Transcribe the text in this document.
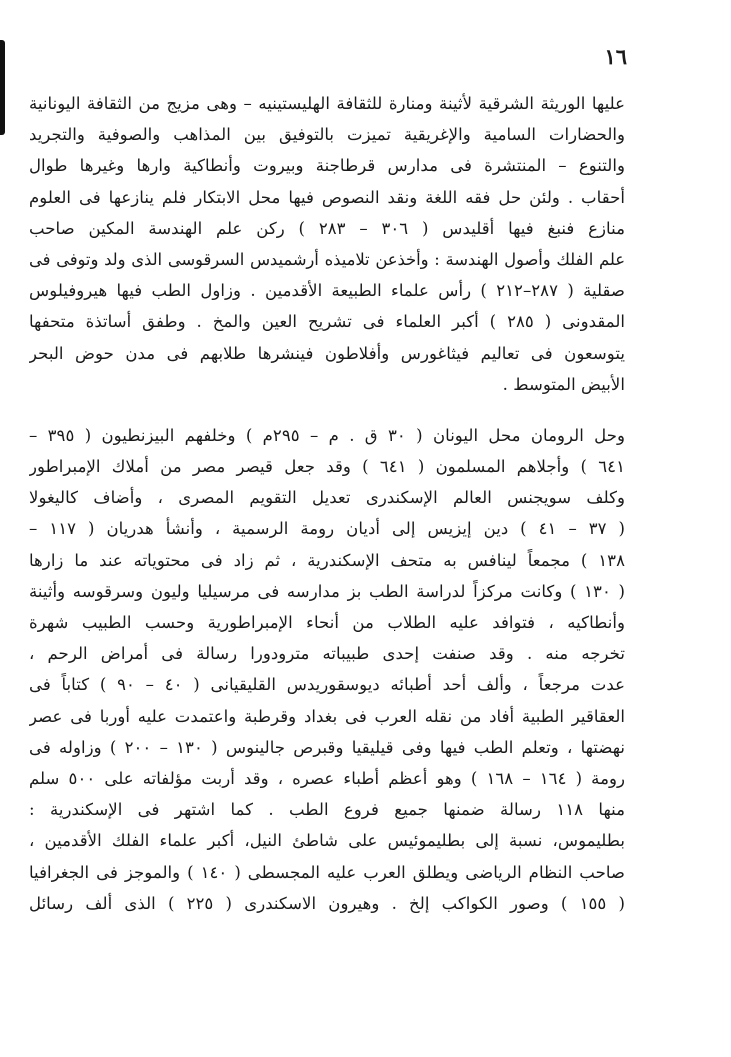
١٦
عليها الوريثة الشرقية لأثينة ومنارة للثقافة الهليستينيه – وهى مزيج من الثقافة اليونانية
والحضارات السامية والإغريقية تميزت بالتوفيق بين المذاهب والصوفية والتجريد
والتنوع – المنتشرة فى مدارس قرطاجنة وبيروت وأنطاكية وارها وغيرها طوال
أحقاب . ولئن حل فقه اللغة ونقد النصوص فيها محل الابتكار فلم ينازعها فى العلوم
منازع فنبغ فيها أقليدس ( ٣٠٦ – ٢٨٣ ) ركن علم الهندسة المكين صاحب
علم الفلك وأصول الهندسة : وأخذعن تلاميذه أرشميدس السرقوسى الذى ولد وتوفى فى
صقلية ( ٢٨٧–٢١٢ ) رأس علماء الطبيعة الأقدمين . وزاول الطب فيها هيروفيلوس
المقدونى ( ٢٨٥ ) أكبر العلماء فى تشريح العين والمخ . وطفق أساتذة متحفها
يتوسعون فى تعاليم فيثاغورس وأفلاطون فينشرها طلابهم فى مدن حوض البحر
الأبيض المتوسط .
وحل الرومان محل اليونان ( ٣٠ ق . م – ٢٩٥م ) وخلفهم البيزنطيون ( ٣٩٥ –
٦٤١ ) وأجلاهم المسلمون ( ٦٤١ ) وقد جعل قيصر مصر من أملاك الإمبراطور
وكلف سويجنس العالم الإسكندرى تعديل التقويم المصرى ، وأضاف كاليغولا
( ٣٧ – ٤١ ) دين إيزيس إلى أديان رومة الرسمية ، وأنشأ هدريان ( ١١٧ –
١٣٨ ) مجمعاً لينافس به متحف الإسكندرية ، ثم زاد فى محتوياته عند ما زارها
( ١٣٠ ) وكانت مركزاً لدراسة الطب بز مدارسه فى مرسيليا وليون وسرقوسه وأثينة
وأنطاكيه ، فتوافد عليه الطلاب من أنحاء الإمبراطورية وحسب الطبيب شهرة
تخرجه منه . وقد صنفت إحدى طبيباته مترودورا رسالة فى أمراض الرحم ،
عدت مرجعاً ، وألف أحد أطبائه ديوسقوريدس القليقيانى ( ٤٠ – ٩٠ ) كتاباً فى
العقاقير الطبية أفاد من نقله العرب فى بغداد وقرطبة واعتمدت عليه أوربا فى عصر
نهضتها ، وتعلم الطب فيها وفى قيليقيا وقبرص جالينوس ( ١٣٠ – ٢٠٠ ) وزاوله فى
رومة ( ١٦٤ – ١٦٨ ) وهو أعظم أطباء عصره ، وقد أربت مؤلفاته على ٥٠٠ سلم
منها ١١٨ رسالة ضمنها جميع فروع الطب . كما اشتهر فى الإسكندرية :
بطليموس، نسبة إلى بطليموئيس على شاطئ النيل، أكبر علماء الفلك الأقدمين ،
صاحب النظام الرياضى ويطلق العرب عليه المجسطى ( ١٤٠ ) والموجز فى الجغرافيا
( ١٥٥ ) وصور الكواكب إلخ . وهيرون الاسكندرى ( ٢٢٥ ) الذى ألف رسائل
